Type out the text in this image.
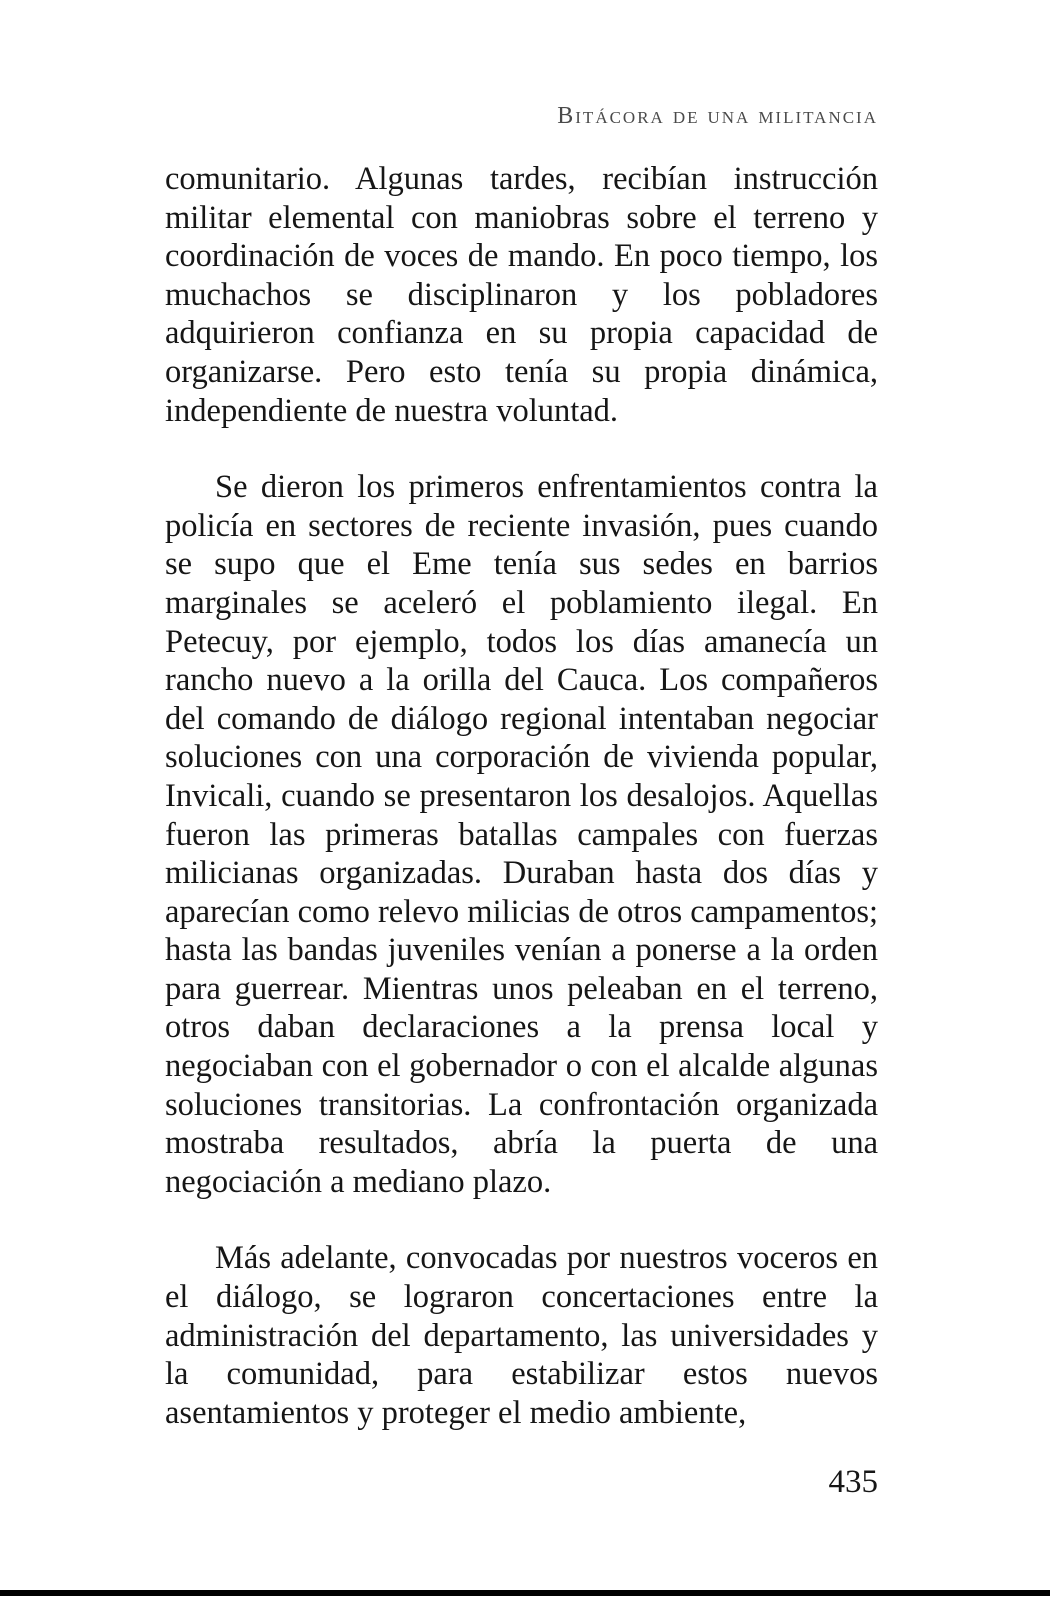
Bitácora de una militancia

comunitario. Algunas tardes, recibían instrucción militar elemental con maniobras sobre el terreno y coordinación de voces de mando. En poco tiempo, los muchachos se disciplinaron y los pobladores adquirieron confianza en su propia capacidad de organizarse. Pero esto tenía su propia dinámica, independiente de nuestra voluntad.

Se dieron los primeros enfrentamientos contra la policía en sectores de reciente invasión, pues cuando se supo que el Eme tenía sus sedes en barrios marginales se aceleró el poblamiento ilegal. En Petecuy, por ejemplo, todos los días amanecía un rancho nuevo a la orilla del Cauca. Los compañeros del comando de diálogo regional intentaban negociar soluciones con una corporación de vivienda popular, Invicali, cuando se presentaron los desalojos. Aquellas fueron las primeras batallas campales con fuerzas milicianas organizadas. Duraban hasta dos días y aparecían como relevo milicias de otros campamentos; hasta las bandas juveniles venían a ponerse a la orden para guerrear. Mientras unos peleaban en el terreno, otros daban declaraciones a la prensa local y negociaban con el gobernador o con el alcalde algunas soluciones transitorias. La confrontación organizada mostraba resultados, abría la puerta de una negociación a mediano plazo.

Más adelante, convocadas por nuestros voceros en el diálogo, se lograron concertaciones entre la administración del departamento, las universidades y la comunidad, para estabilizar estos nuevos asentamientos y proteger el medio ambiente,

435
